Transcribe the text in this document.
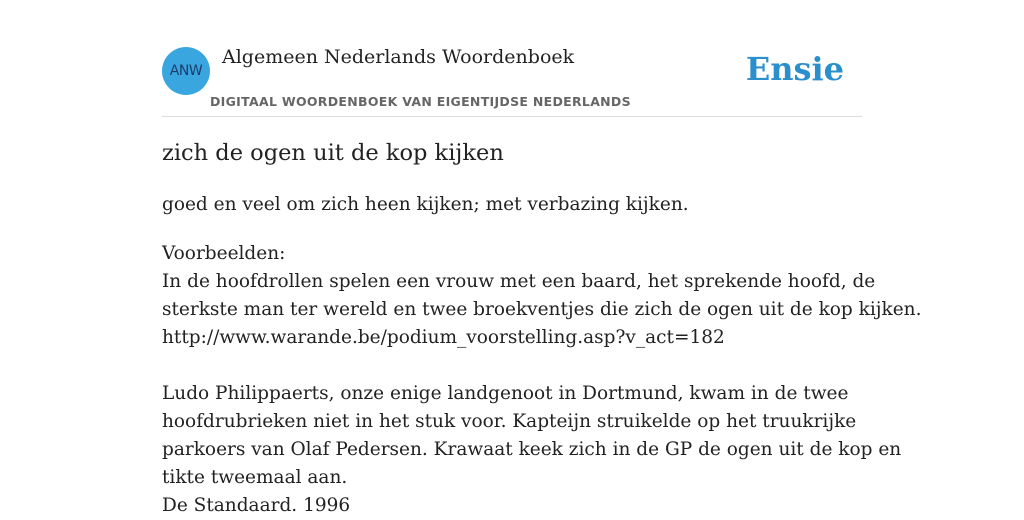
ANW
Algemeen Nederlands Woordenboek
DIGITAAL WOORDENBOEK VAN EIGENTIJDSE NEDERLANDS
Ensie
zich de ogen uit de kop kijken

goed en veel om zich heen kijken; met verbazing kijken.

Voorbeelden:
In de hoofdrollen spelen een vrouw met een baard, het sprekende hoofd, de
sterkste man ter wereld en twee broekventjes die zich de ogen uit de kop kijken.
http://www.warande.be/podium_voorstelling.asp?v_act=182
Ludo Philippaerts, onze enige landgenoot in Dortmund, kwam in de twee
hoofdrubrieken niet in het stuk voor. Kapteijn struikelde op het truukrijke
parkoers van Olaf Pedersen. Krawaat keek zich in de GP de ogen uit de kop en
tikte tweemaal aan.
De Standaard. 1996
